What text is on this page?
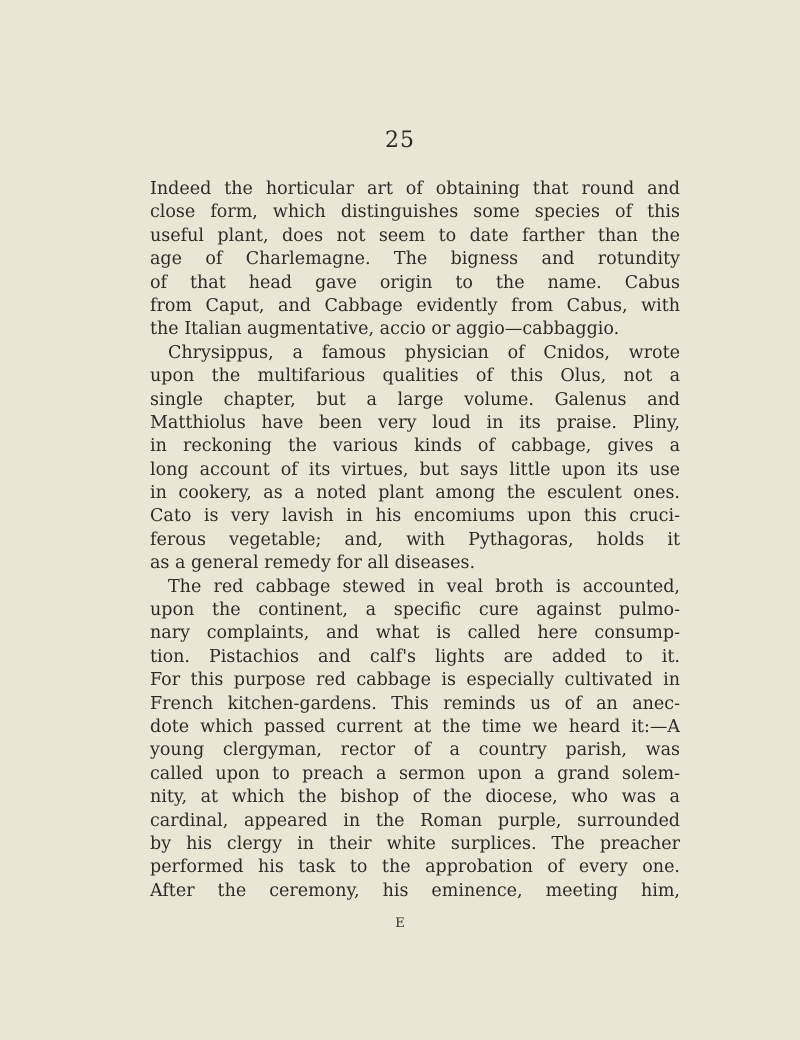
25
Indeed the horticular art of obtaining that round and
close form, which distinguishes some species of this
useful plant, does not seem to date farther than the
age of Charlemagne. The bigness and rotundity
of that head gave origin to the name. Cabus
from Caput, and Cabbage evidently from Cabus, with
the Italian augmentative, accio or aggio—cabbaggio.
Chrysippus, a famous physician of Cnidos, wrote
upon the multifarious qualities of this Olus, not a
single chapter, but a large volume. Galenus and
Matthiolus have been very loud in its praise. Pliny,
in reckoning the various kinds of cabbage, gives a
long account of its virtues, but says little upon its use
in cookery, as a noted plant among the esculent ones.
Cato is very lavish in his encomiums upon this cruci-
ferous vegetable; and, with Pythagoras, holds it
as a general remedy for all diseases.
The red cabbage stewed in veal broth is accounted,
upon the continent, a specific cure against pulmo-
nary complaints, and what is called here consump-
tion. Pistachios and calf's lights are added to it.
For this purpose red cabbage is especially cultivated in
French kitchen-gardens. This reminds us of an anec-
dote which passed current at the time we heard it:—A
young clergyman, rector of a country parish, was
called upon to preach a sermon upon a grand solem-
nity, at which the bishop of the diocese, who was a
cardinal, appeared in the Roman purple, surrounded
by his clergy in their white surplices. The preacher
performed his task to the approbation of every one.
After the ceremony, his eminence, meeting him,
E
